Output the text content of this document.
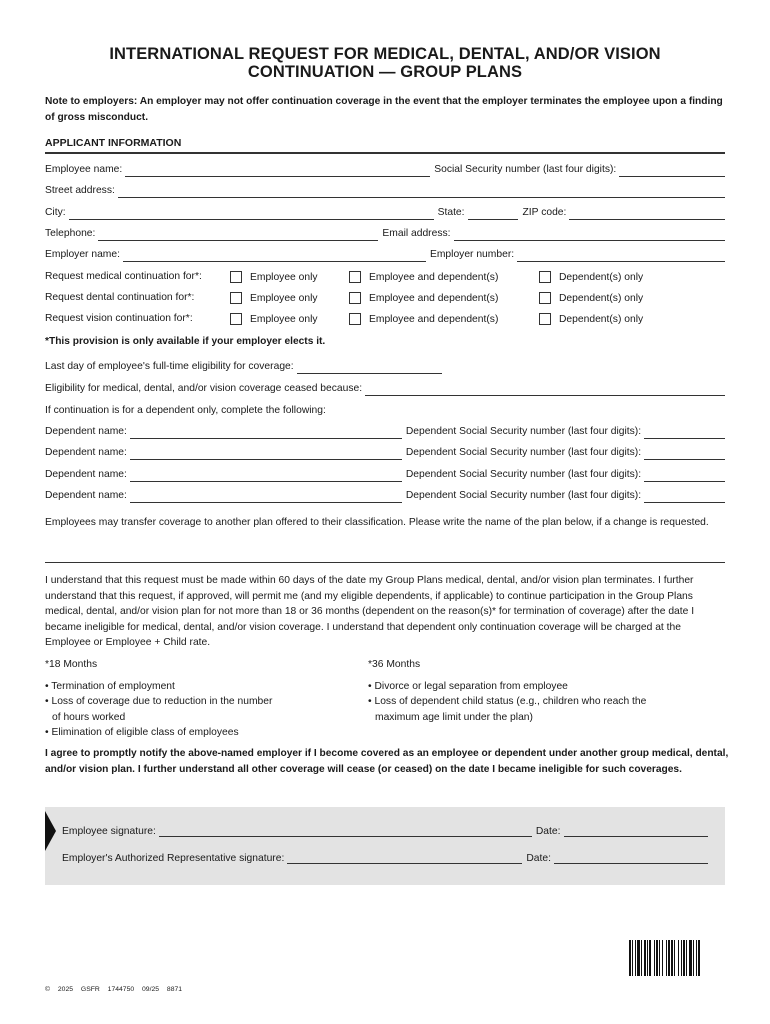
INTERNATIONAL REQUEST FOR MEDICAL, DENTAL, AND/OR VISION
CONTINUATION — GROUP PLANS
Note to employers: An employer may not offer continuation coverage in the event that the employer terminates the employee upon a finding of gross misconduct.
APPLICANT INFORMATION
Employee name:	Social Security number (last four digits):
Street address:
City:	State:	ZIP code:
Telephone:	Email address:
Employer name:	Employer number:
Request medical continuation for*:	Employee only	Employee and dependent(s)	Dependent(s) only
Request dental continuation for*:	Employee only	Employee and dependent(s)	Dependent(s) only
Request vision continuation for*:	Employee only	Employee and dependent(s)	Dependent(s) only
*This provision is only available if your employer elects it.
Last day of employee's full-time eligibility for coverage:
Eligibility for medical, dental, and/or vision coverage ceased because:
If continuation is for a dependent only, complete the following:
Dependent name:	Dependent Social Security number (last four digits):
Dependent name:	Dependent Social Security number (last four digits):
Dependent name:	Dependent Social Security number (last four digits):
Dependent name:	Dependent Social Security number (last four digits):
Employees may transfer coverage to another plan offered to their classification. Please write the name of the plan below, if a change is requested.
I understand that this request must be made within 60 days of the date my Group Plans medical, dental, and/or vision plan terminates. I further understand that this request, if approved, will permit me (and my eligible dependents, if applicable) to continue participation in the Group Plans medical, dental, and/or vision plan for not more than 18 or 36 months (dependent on the reason(s)* for termination of coverage) after the date I became ineligible for medical, dental, and/or vision coverage. I understand that dependent only continuation coverage will be charged at the Employee or Employee + Child rate.
*18 Months
• Termination of employment
• Loss of coverage due to reduction in the number
of hours worked
• Elimination of eligible class of employees
*36 Months
• Divorce or legal separation from employee
• Loss of dependent child status (e.g., children who reach the
maximum age limit under the plan)
I agree to promptly notify the above-named employer if I become covered as an employee or dependent under another group medical, dental, and/or vision plan. I further understand all other coverage will cease (or ceased) on the date I became ineligible for such coverages.
Employee signature:	Date:
Employer's Authorized Representative signature:	Date:
© 2025 GSFR 1744750 09/25 8871
